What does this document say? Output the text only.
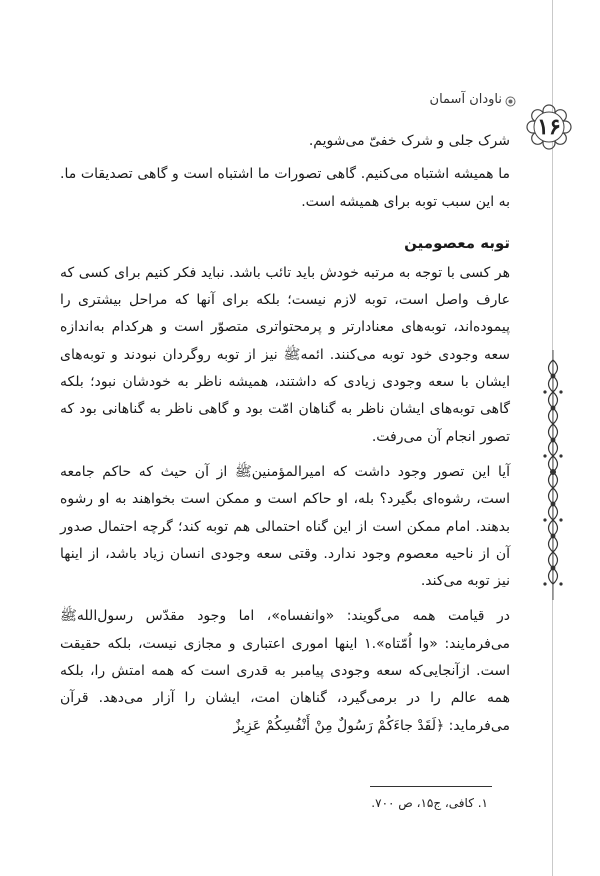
۱۶
ناودان آسمان

شرک جلی و شرک خفیّ می‌شویم.

ما همیشه اشتباه می‌کنیم. گاهی تصورات ما اشتباه است و گاهی تصدیقات ما. به این سبب توبه برای همیشه است.

توبه معصومین

هر کسی با توجه به مرتبه خودش باید تائب باشد. نباید فکر کنیم برای کسی که عارف واصل است، توبه لازم نیست؛ بلکه برای آنها که مراحل بیشتری را پیموده‌اند، توبه‌های معنادارتر و پرمحتواتری متصوّر است و هرکدام به‌اندازه سعه وجودی خود توبه می‌کنند. ائمهﷺ نیز از توبه روگردان نبودند و توبه‌های ایشان با سعه وجودی زیادی که داشتند، همیشه ناظر به خودشان نبود؛ بلکه گاهی توبه‌های ایشان ناظر به گناهان امّت بود و گاهی ناظر به گناهانی بود که تصور انجام آن می‌رفت.

آیا این تصور وجود داشت که امیرالمؤمنینﷺ از آن حیث که حاکم جامعه است، رشوه‌ای بگیرد؟ بله، او حاکم است و ممکن است بخواهند به او رشوه بدهند. امام ممکن است از این گناه احتمالی هم توبه کند؛ گرچه احتمال صدور آن از ناحیه معصوم وجود ندارد. وقتی سعه وجودی انسان زیاد باشد، از اینها نیز توبه می‌کند.

در قیامت همه می‌گویند: «وانفساه»، اما وجود مقدّس رسول‌اللهﷺ می‌فرمایند: «وا اُمّتاه».۱ اینها اموری اعتباری و مجازی نیست، بلکه حقیقت است. ازآنجایی‌که سعه وجودی پیامبر به قدری است که همه امتش را، بلکه همه عالم را در برمی‌گیرد، گناهان امت، ایشان را آزار می‌دهد. قرآن می‌فرماید: ﴿لَقَدْ جاءَكُمْ رَسُولٌ مِنْ أَنْفُسِكُمْ عَزِيزٌ

۱. کافی، ج۱۵، ص ۷۰۰.
